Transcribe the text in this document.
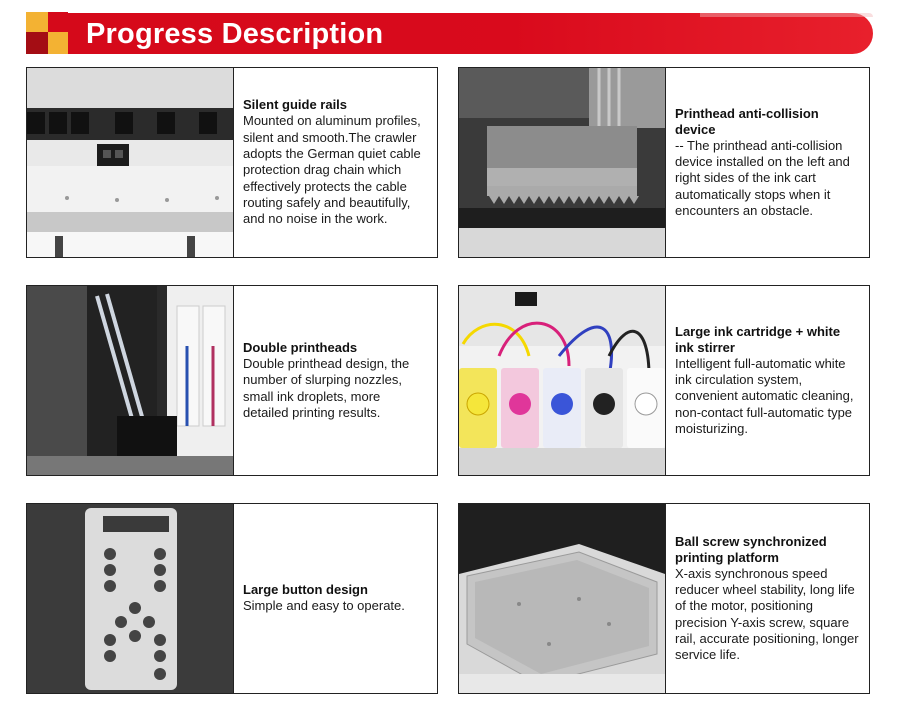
Progress Description
Silent guide rails
Mounted on aluminum profiles, silent and smooth.The crawler adopts the German quiet cable protection drag chain which effectively protects the cable routing safely and beautifully, and no noise in the work.
Printhead anti-collision device
-- The printhead anti-collision device installed on the left and right sides of the ink cart automatically stops when it encounters an obstacle.
Double printheads
Double printhead design, the number of slurping nozzles, small ink droplets, more detailed printing results.
Large ink cartridge + white ink stirrer
Intelligent full-automatic white ink circulation system, convenient automatic cleaning, non-contact full-automatic type moisturizing.
Large button design
Simple and easy to operate.
Ball screw synchronized printing platform
X-axis synchronous speed reducer wheel stability, long life of the motor, positioning precision Y-axis screw, square rail, accurate positioning, longer service life.
